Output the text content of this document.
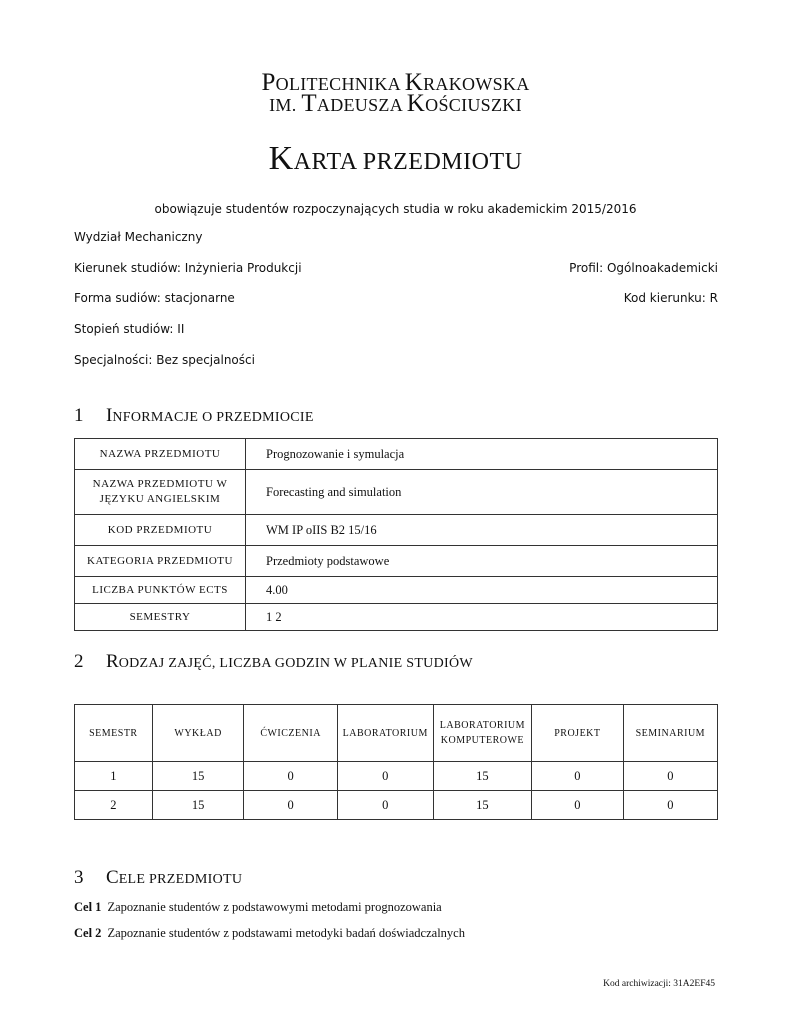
POLITECHNIKA KRAKOWSKA
IM. TADEUSZA KOŚCIUSZKI
KARTA PRZEDMIOTU
obowiązuje studentów rozpoczynających studia w roku akademickim 2015/2016
Wydział Mechaniczny
Kierunek studiów: Inżynieria Produkcji	Profil: Ogólnoakademicki
Forma sudiów: stacjonarne	Kod kierunku: R
Stopień studiów: II
Specjalności: Bez specjalności
1 INFORMACJE O PRZEDMIOCIE
NAZWA PRZEDMIOTU	Prognozowanie i symulacja
NAZWA PRZEDMIOTU W JĘZYKU ANGIELSKIM	Forecasting and simulation
KOD PRZEDMIOTU	WM IP oIIS B2 15/16
KATEGORIA PRZEDMIOTU	Przedmioty podstawowe
LICZBA PUNKTÓW ECTS	4.00
SEMESTRY	1 2
2 RODZAJ ZAJĘĆ, LICZBA GODZIN W PLANIE STUDIÓW
SEMESTR	WYKŁAD	ĆWICZENIA	LABORATORIUM	LABORATORIUM KOMPUTEROWE	PROJEKT	SEMINARIUM
1	15	0	0	15	0	0
2	15	0	0	15	0	0
3 CELE PRZEDMIOTU
Cel 1 Zapoznanie studentów z podstawowymi metodami prognozowania
Cel 2 Zapoznanie studentów z podstawami metodyki badań doświadczalnych
Kod archiwizacji: 31A2EF45
